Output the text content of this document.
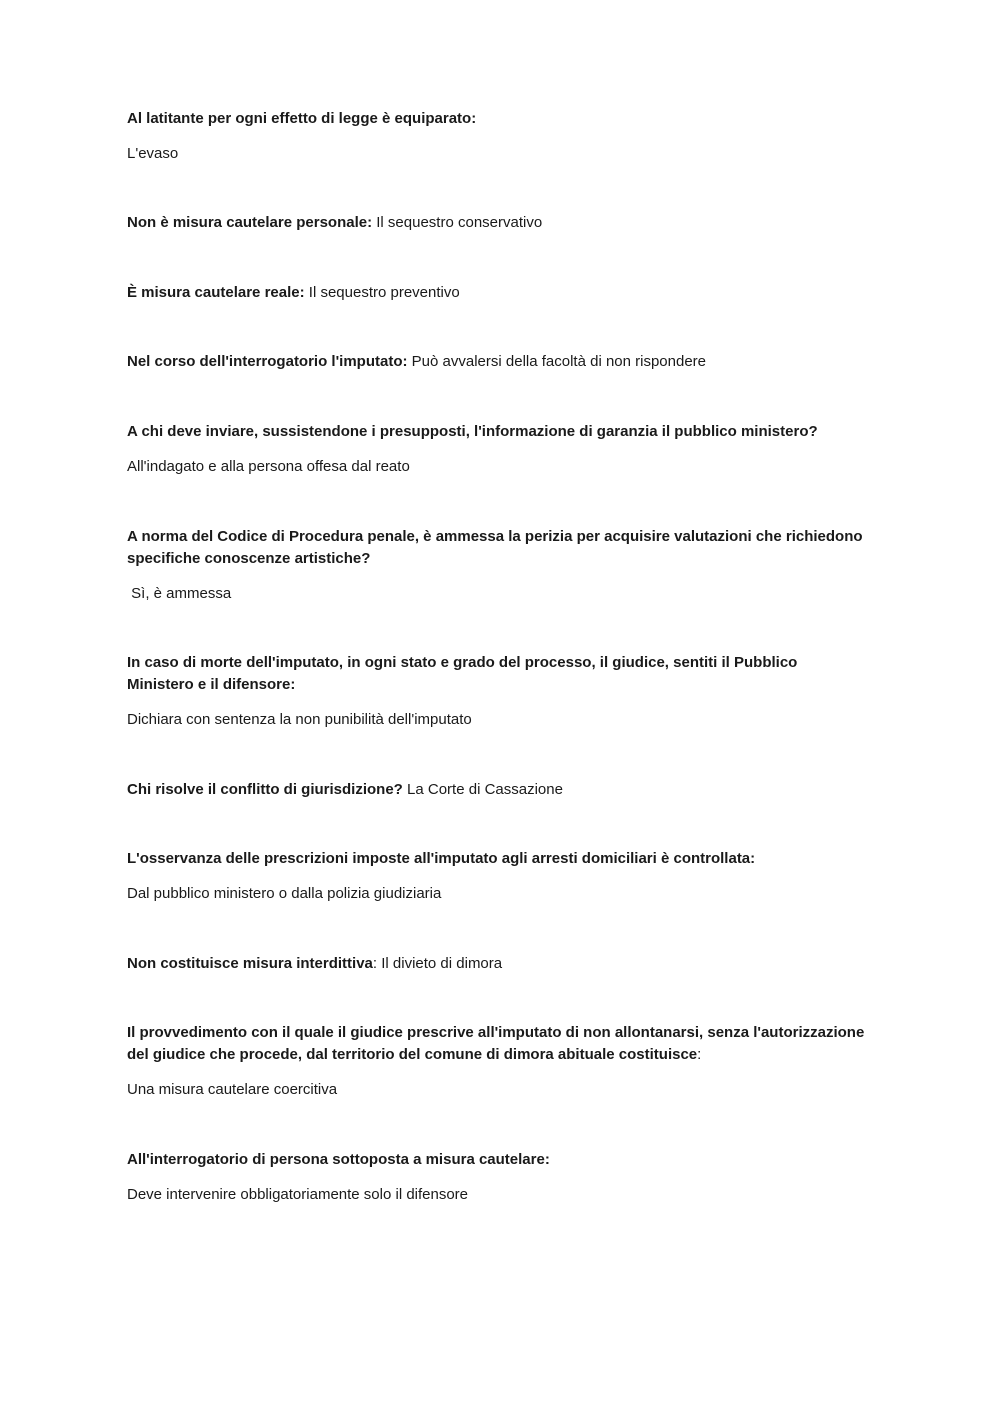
Al latitante per ogni effetto di legge è equiparato:
L'evaso
Non è misura cautelare personale: Il sequestro conservativo
È misura cautelare reale: Il sequestro preventivo
Nel corso dell'interrogatorio l'imputato: Può avvalersi della facoltà di non rispondere
A chi deve inviare, sussistendone i presupposti, l'informazione di garanzia il pubblico ministero?
All'indagato e alla persona offesa dal reato
A norma del Codice di Procedura penale, è ammessa la perizia per acquisire valutazioni che richiedono specifiche conoscenze artistiche?
Sì, è ammessa
In caso di morte dell'imputato, in ogni stato e grado del processo, il giudice, sentiti il Pubblico Ministero e il difensore:
Dichiara con sentenza la non punibilità dell'imputato
Chi risolve il conflitto di giurisdizione? La Corte di Cassazione
L'osservanza delle prescrizioni imposte all'imputato agli arresti domiciliari è controllata:
Dal pubblico ministero o dalla polizia giudiziaria
Non costituisce misura interdittiva: Il divieto di dimora
Il provvedimento con il quale il giudice prescrive all'imputato di non allontanarsi, senza l'autorizzazione del giudice che procede, dal territorio del comune di dimora abituale costituisce:
Una misura cautelare coercitiva
All'interrogatorio di persona sottoposta a misura cautelare:
Deve intervenire obbligatoriamente solo il difensore
